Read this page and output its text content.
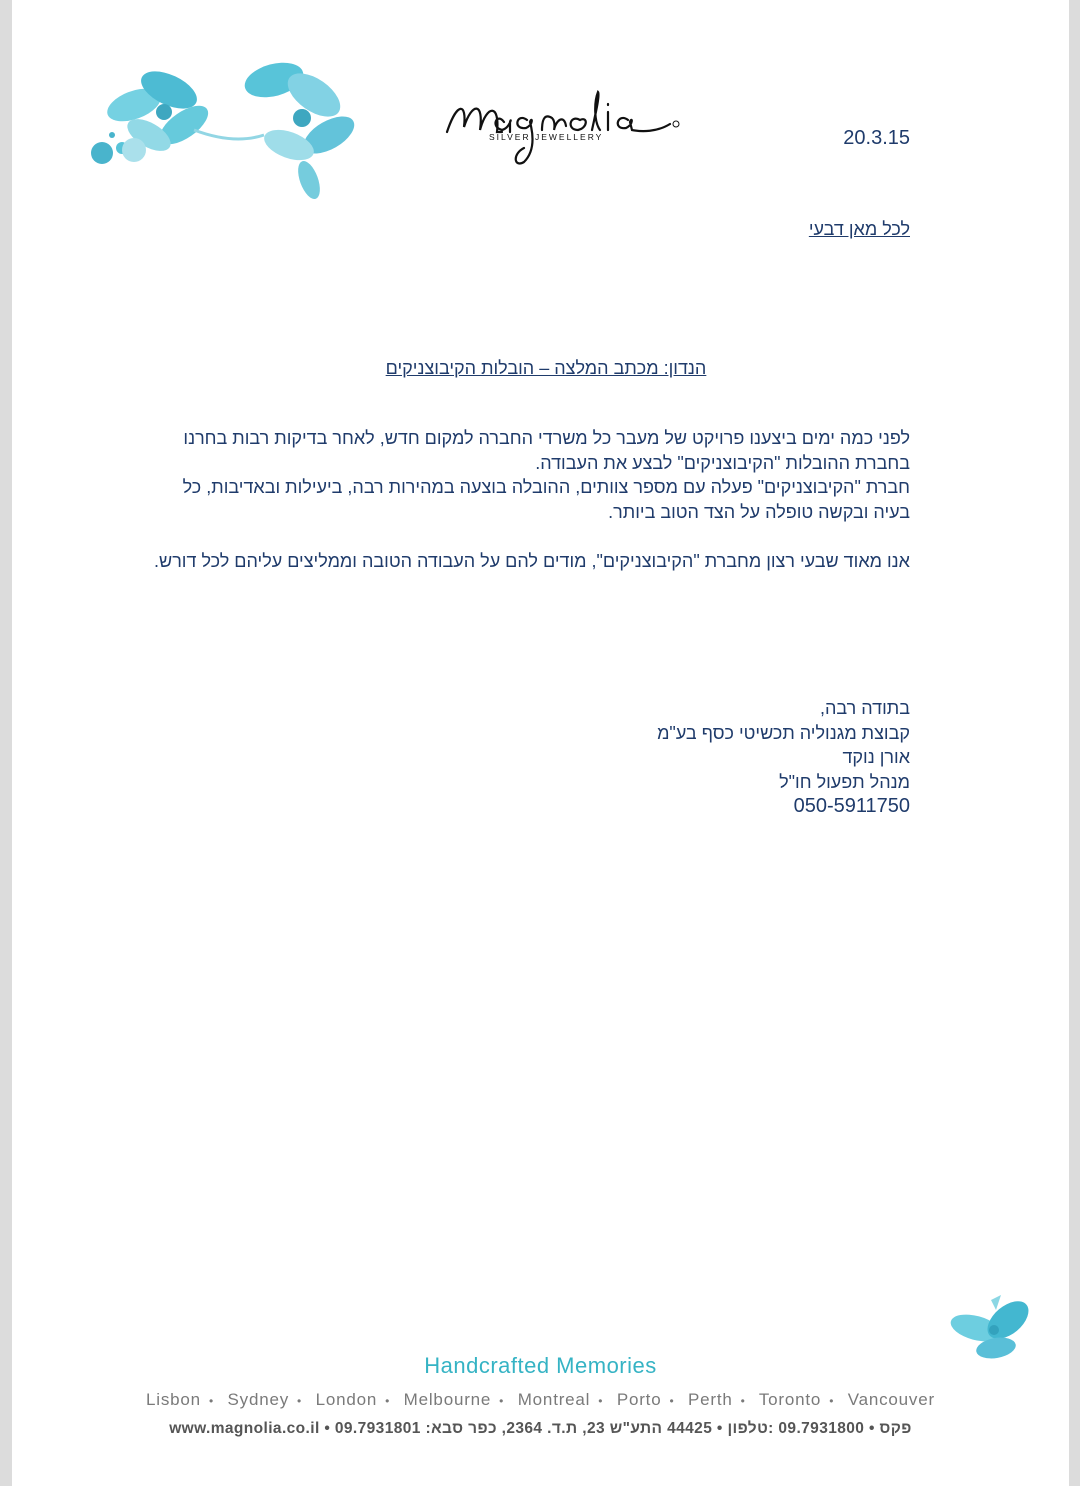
SILVER JEWELLERY	20.3.15
לכל מאן דבעי
הנדון: מכתב המלצה – הובלות הקיבוצניקים

לפני כמה ימים ביצענו פרויקט של מעבר כל משרדי החברה למקום חדש, לאחר בדיקות רבות בחרנו בחברת ההובלות "הקיבוצניקים" לבצע את העבודה.

חברת "הקיבוצניקים" פעלה עם מספר צוותים, ההובלה בוצעה במהירות רבה, ביעילות ובאדיבות, כל בעיה ובקשה טופלה על הצד הטוב ביותר.

אנו מאוד שבעי רצון מחברת "הקיבוצניקים", מודים להם על העבודה הטובה וממליצים עליהם לכל דורש.

בתודה רבה,
קבוצת מגנוליה תכשיטי כסף בע"מ
אורן נוקד
מנהל תפעול חו"ל
050-5911750
Handcrafted Memories
Lisbon • Sydney • London • Melbourne • Montreal • Porto • Perth • Toronto • Vancouver
www.magnolia.co.il • 09.7931801 :פקס • 09.7931800 :טלפון • 44425 התע"ש 23, ת.ד. 2364, כפר סבא
